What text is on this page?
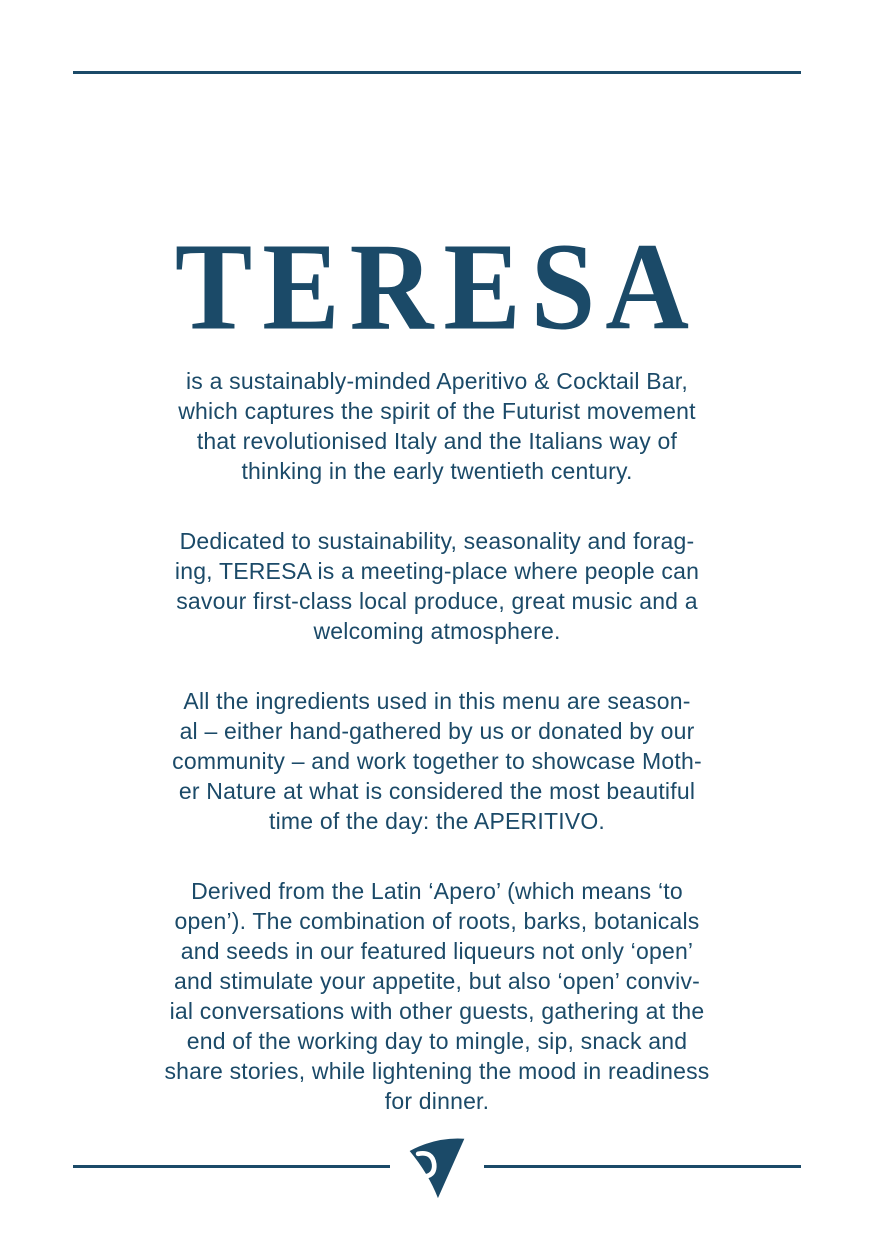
TERESA
is a sustainably-minded Aperitivo & Cocktail Bar,
which captures the spirit of the Futurist movement
that revolutionised Italy and the Italians way of
thinking in the early twentieth century.
Dedicated to sustainability, seasonality and forag-
ing, TERESA is a meeting-place where people can
savour first-class local produce, great music and a
welcoming atmosphere.
All the ingredients used in this menu are season-
al – either hand-gathered by us or donated by our
community – and work together to showcase Moth-
er Nature at what is considered the most beautiful
time of the day: the APERITIVO.
Derived from the Latin ‘Apero’ (which means ‘to
open’). The combination of roots, barks, botanicals
and seeds in our featured liqueurs not only ‘open’
and stimulate your appetite, but also ‘open’ conviv-
ial conversations with other guests, gathering at the
end of the working day to mingle, sip, snack and
share stories, while lightening the mood in readiness
for dinner.
